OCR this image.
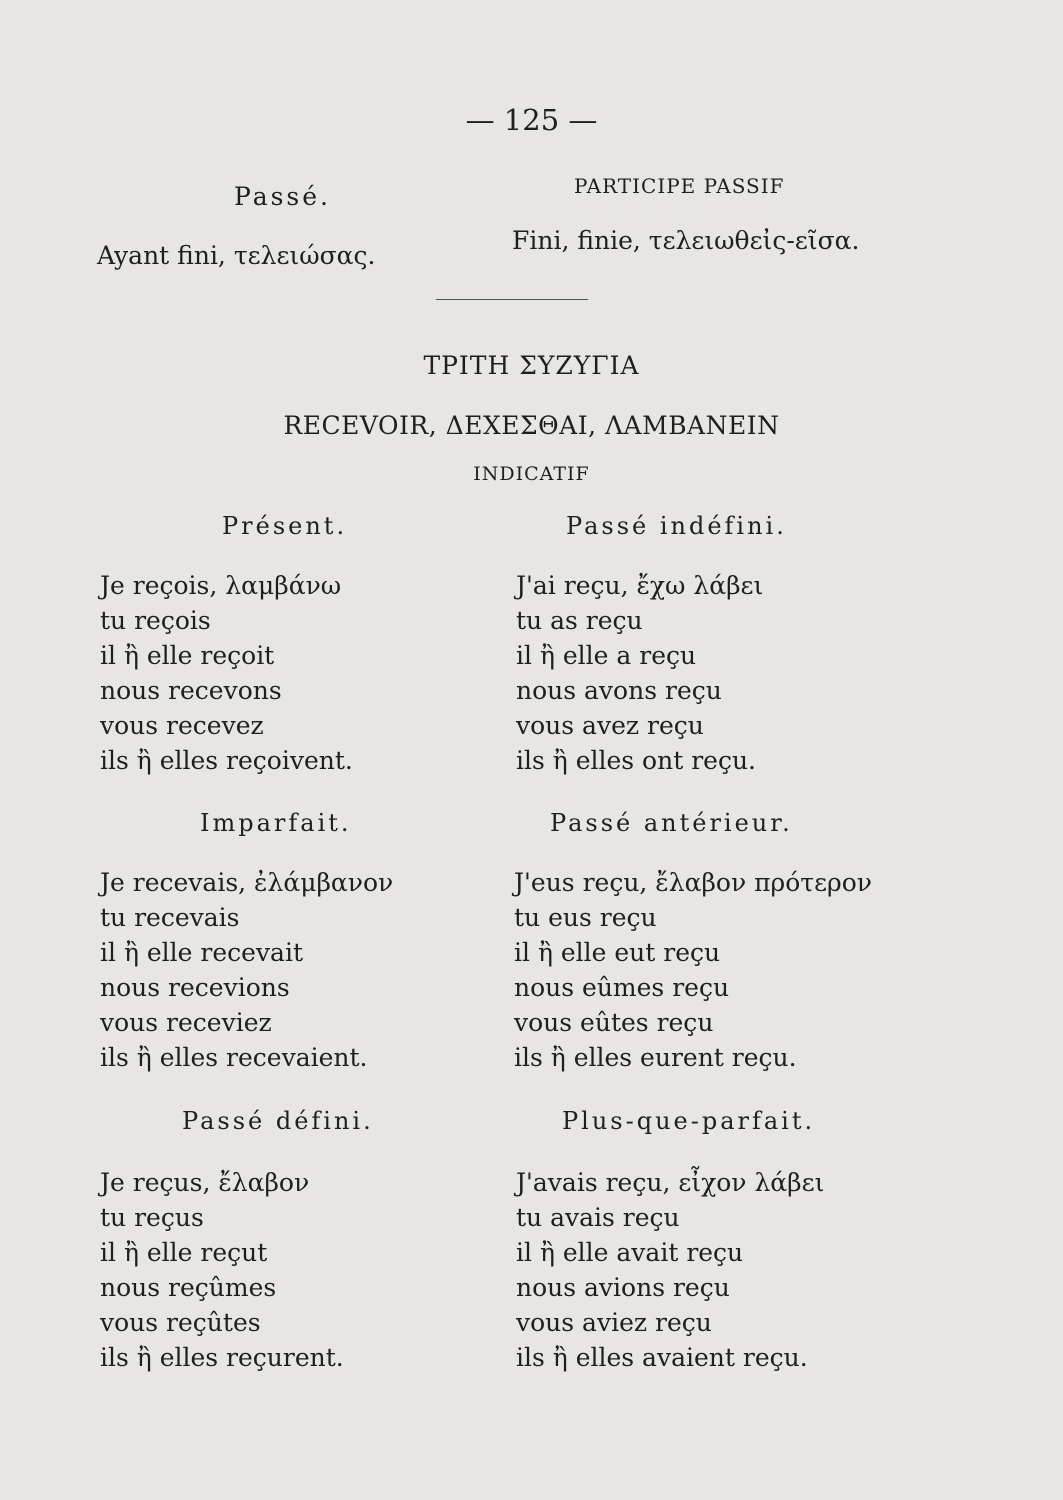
— 125 —
Passé.
Ayant fini, τελειώσας.
PARTICIPE PASSIF
Fini, finie, τελειωθεἰς-εῖσα.
ΤΡΙΤΗ ΣΥΖΥΓΙΑ
RECEVOIR, ΔΕΧΕΣΘΑΙ, ΛΑΜΒΑΝΕΙΝ
INDICATIF
Présent.
Je reçois, λαμβάνω
tu reçois
il ἢ elle reçoit
nous recevons
vous recevez
ils ἢ elles reçoivent.
Imparfait.
Je recevais, ἐλάμβανον
tu recevais
il ἢ elle recevait
nous recevions
vous receviez
ils ἢ elles recevaient.
Passé défini.
Je reçus, ἔλαβον
tu reçus
il ἢ elle reçut
nous reçûmes
vous reçûtes
ils ἢ elles reçurent.
Passé indéfini.
J'ai reçu, ἔχω λάβει
tu as reçu
il ἢ elle a reçu
nous avons reçu
vous avez reçu
ils ἢ elles ont reçu.
Passé antérieur.
J'eus reçu, ἔλαβον πρότερον
tu eus reçu
il ἢ elle eut reçu
nous eûmes reçu
vous eûtes reçu
ils ἢ elles eurent reçu.
Plus-que-parfait.
J'avais reçu, εἶχον λάβει
tu avais reçu
il ἢ elle avait reçu
nous avions reçu
vous aviez reçu
ils ἢ elles avaient reçu.
